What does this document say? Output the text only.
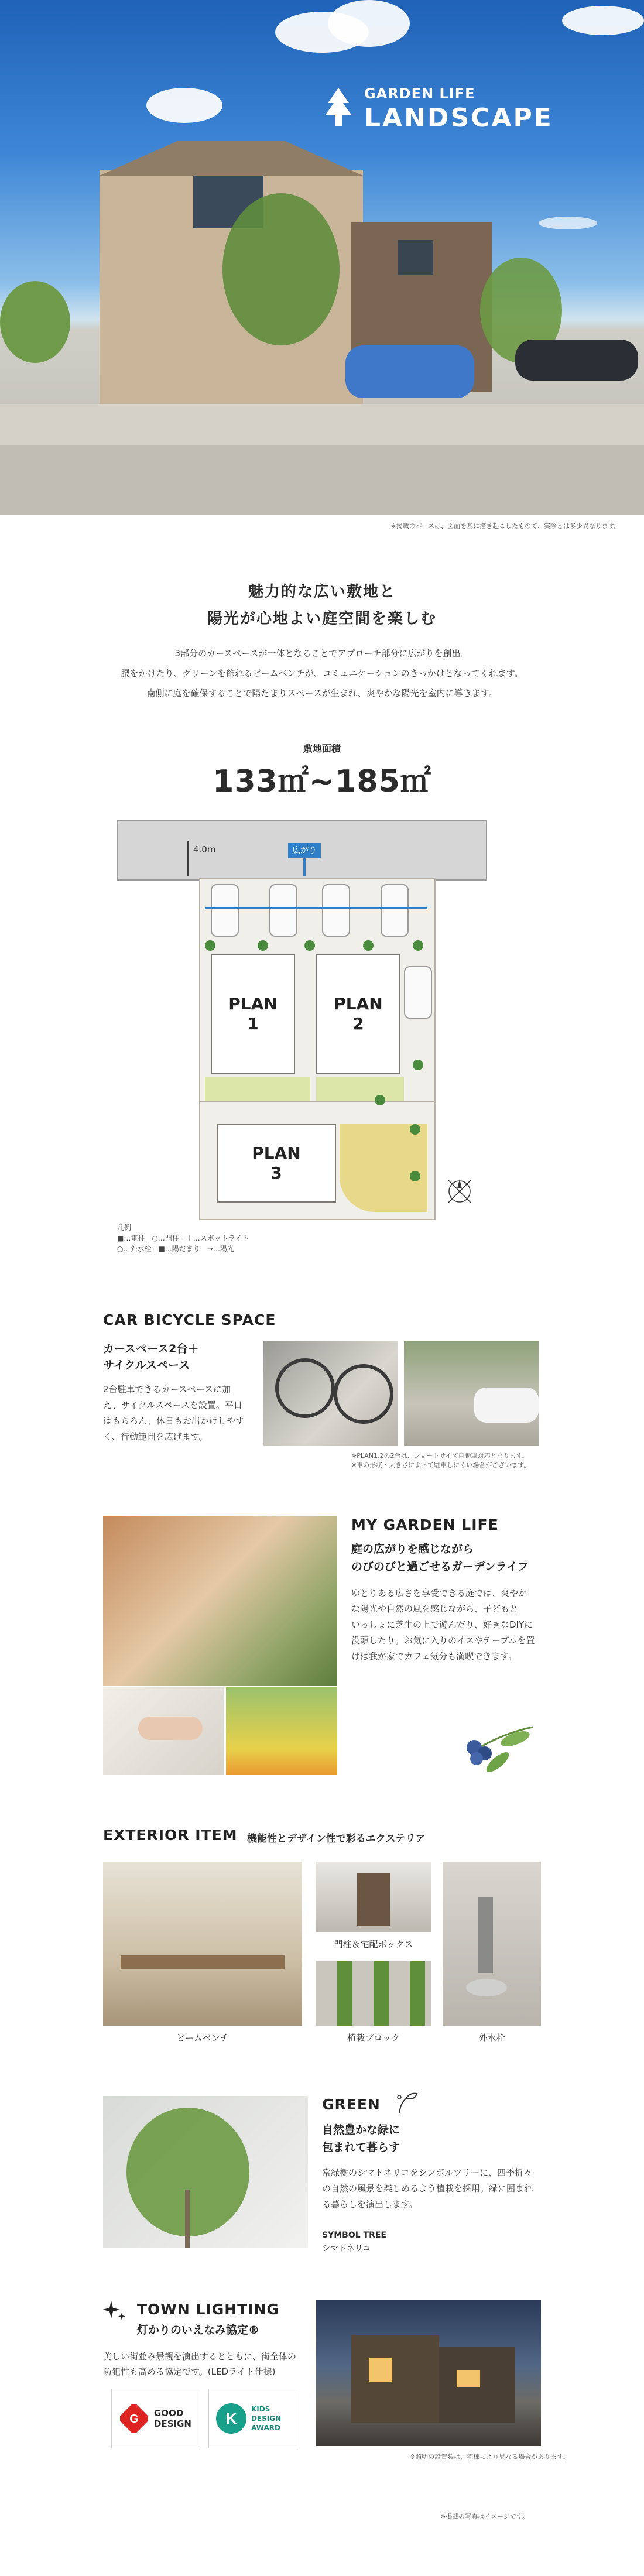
GARDEN LIFE
LANDSCAPE
※掲載のパースは、図面を基に描き起こしたもので、実際とは多少異なります。
魅力的な広い敷地と
陽光が心地よい庭空間を楽しむ
3部分のカースペースが一体となることでアプローチ部分に広がりを創出。
腰をかけたり、グリーンを飾れるビームベンチが、コミュニケーションのきっかけとなってくれます。
南側に庭を確保することで陽だまりスペースが生まれ、爽やかな陽光を室内に導きます。
敷地面積
133㎡~185㎡
4.0m	広がり
PLAN
1
PLAN
2
PLAN
3
凡例
■…電柱　○…門柱　＋…スポットライト
○…外水栓　■…陽だまり　→…陽光
CAR BICYCLE SPACE
カースペース2台＋
サイクルスペース
2台駐車できるカースペースに加
え、サイクルスペースを設置。平日
はもちろん、休日もお出かけしやす
く、行動範囲を広げます。
※PLAN1,2の2台は、ショートサイズ自動車対応となります。
※車の形状・大きさによって駐車しにくい場合がございます。
MY GARDEN LIFE
庭の広がりを感じながら
のびのびと過ごせるガーデンライフ
ゆとりある広さを享受できる庭では、爽やか
な陽光や自然の風を感じながら、子どもと
いっしょに芝生の上で遊んだり、好きなDIYに
没頭したり。お気に入りのイスやテーブルを置
けば我が家でカフェ気分も満喫できます。
EXTERIOR ITEM 機能性とデザイン性で彩るエクステリア
ビームベンチ
門柱＆宅配ボックス
植栽ブロック	外水栓
GREEN
自然豊かな緑に
包まれて暮らす
常緑樹のシマトネリコをシンボルツリーに、四季折々
の自然の風景を楽しめるよう植栽を採用。緑に囲まれ
る暮らしを演出します。
SYMBOL TREE
シマトネリコ
TOWN LIGHTING
灯かりのいえなみ協定®
美しい街並み景観を演出するとともに、街全体の
防犯性も高める協定です。(LEDライト仕様)
G GOOD
DESIGN K
KIDS
DESIGN
AWARD
※照明の設置数は、宅棟により異なる場合があります。
※掲載の写真はイメージです。
